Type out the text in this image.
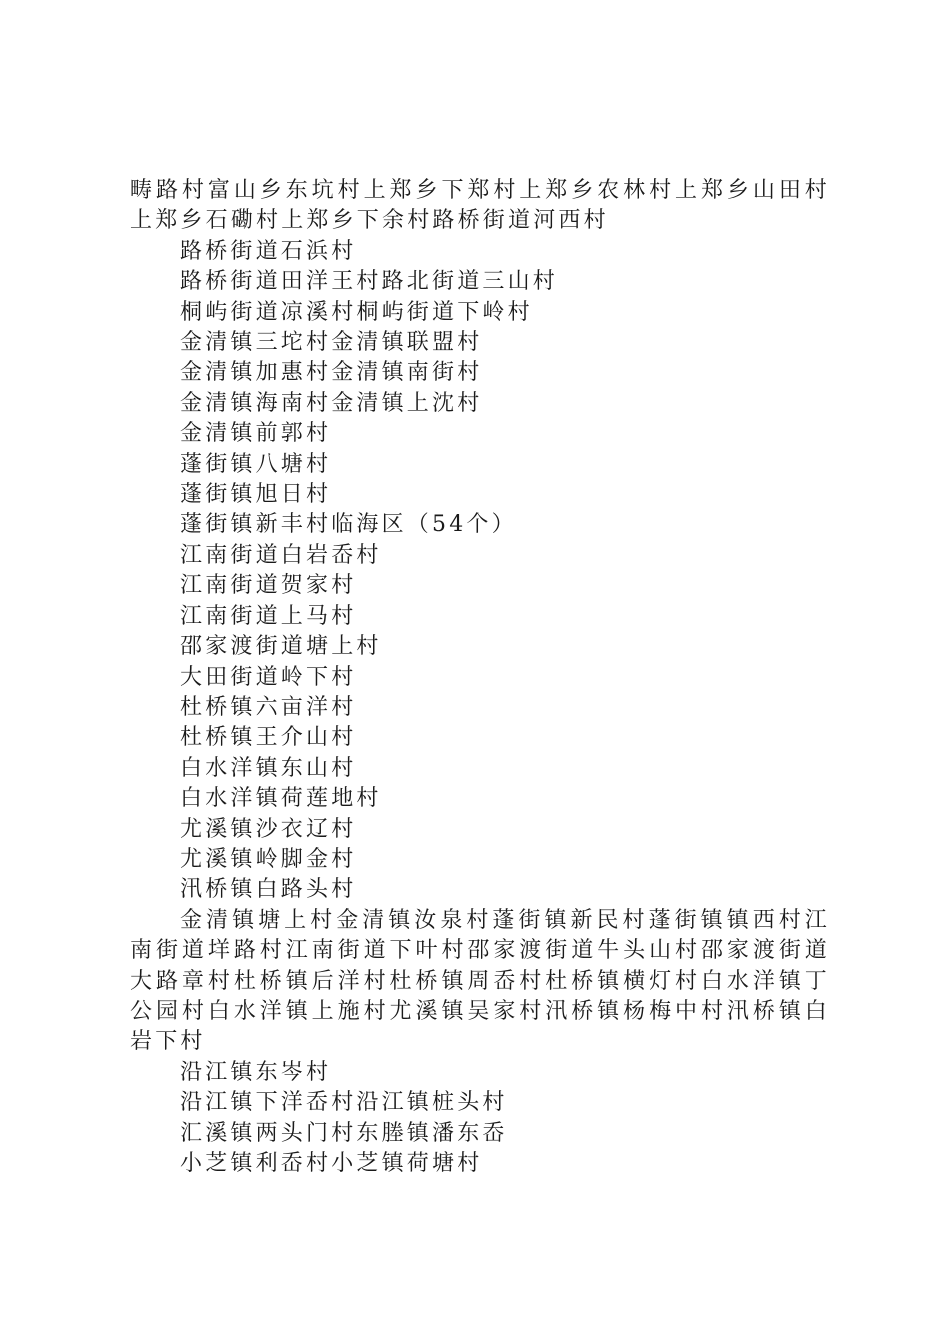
畴路村富山乡东坑村上郑乡下郑村上郑乡农林村上郑乡山田村上郑乡石磡村上郑乡下余村路桥街道河西村

路桥街道石浜村

路桥街道田洋王村路北街道三山村

桐屿街道凉溪村桐屿街道下岭村

金清镇三坨村金清镇联盟村

金清镇加惠村金清镇南街村

金清镇海南村金清镇上沈村

金清镇前郭村

蓬街镇八塘村

蓬街镇旭日村

蓬街镇新丰村临海区（54个）

江南街道白岩岙村

江南街道贺家村

江南街道上马村

邵家渡街道塘上村

大田街道岭下村

杜桥镇六亩洋村

杜桥镇王介山村

白水洋镇东山村

白水洋镇荷莲地村

尤溪镇沙衣辽村

尤溪镇岭脚金村

汛桥镇白路头村

金清镇塘上村金清镇汝泉村蓬街镇新民村蓬街镇镇西村江南街道垟路村江南街道下叶村邵家渡街道牛头山村邵家渡街道大路章村杜桥镇后洋村杜桥镇周岙村杜桥镇横灯村白水洋镇丁公园村白水洋镇上施村尤溪镇吴家村汛桥镇杨梅中村汛桥镇白岩下村

沿江镇东岑村

沿江镇下洋岙村沿江镇桩头村

汇溪镇两头门村东塍镇潘东岙

小芝镇利岙村小芝镇荷塘村
